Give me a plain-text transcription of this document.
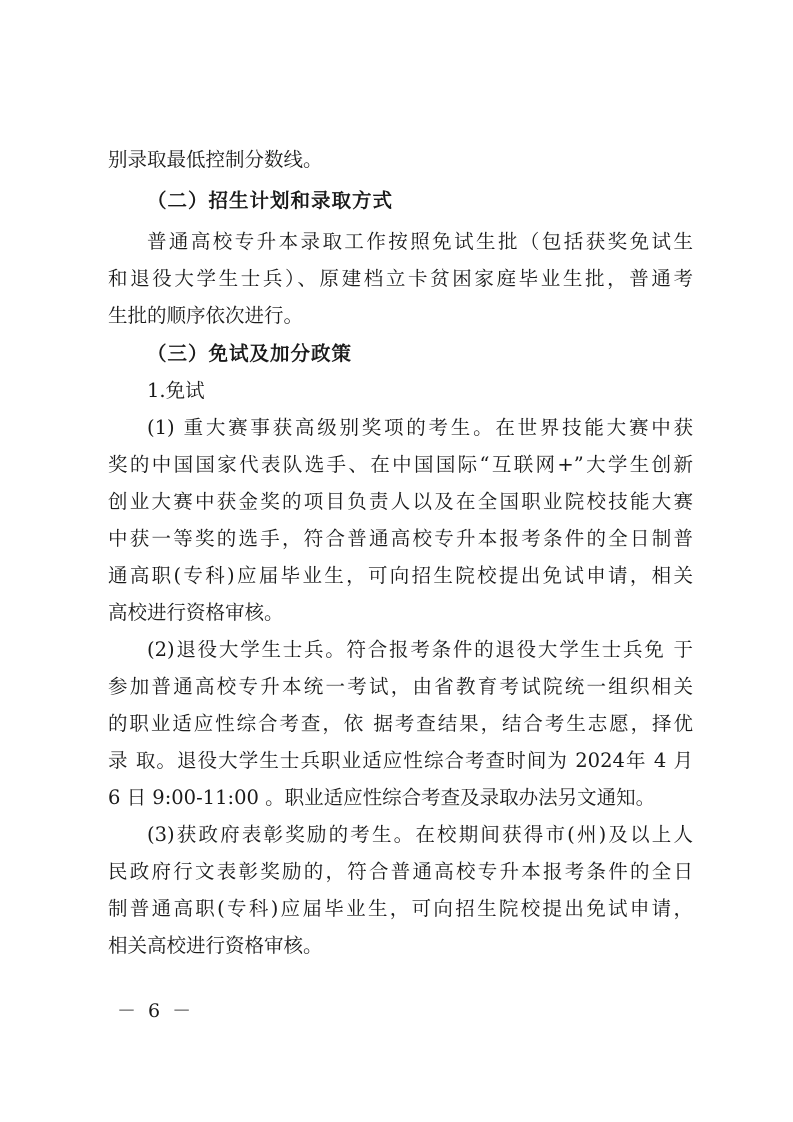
别录取最低控制分数线。
（二）招生计划和录取方式
普通高校专升本录取工作按照免试生批（包括获奖免试生
和退役大学生士兵）、原建档立卡贫困家庭毕业生批，普通考
生批的顺序依次进行。
（三）免试及加分政策
1.免试
(1) 重大赛事获高级别奖项的考生。在世界技能大赛中获
奖的中国国家代表队选手、在中国国际“互联网+”大学生创新
创业大赛中获金奖的项目负责人以及在全国职业院校技能大赛
中获一等奖的选手，符合普通高校专升本报考条件的全日制普
通高职(专科)应届毕业生，可向招生院校提出免试申请，相关
高校进行资格审核。
(2)退役大学生士兵。符合报考条件的退役大学生士兵免 于
参加普通高校专升本统一考试，由省教育考试院统一组织相关
的职业适应性综合考查，依 据考查结果，结合考生志愿，择优
录 取。退役大学生士兵职业适应性综合考查时间为 2024年 4 月
6 日 9:00-11:00 。职业适应性综合考查及录取办法另文通知。
(3)获政府表彰奖励的考生。在校期间获得市(州)及以上人
民政府行文表彰奖励的，符合普通高校专升本报考条件的全日
制普通高职(专科)应届毕业生，可向招生院校提出免试申请，
相关高校进行资格审核。
－ 6 －
